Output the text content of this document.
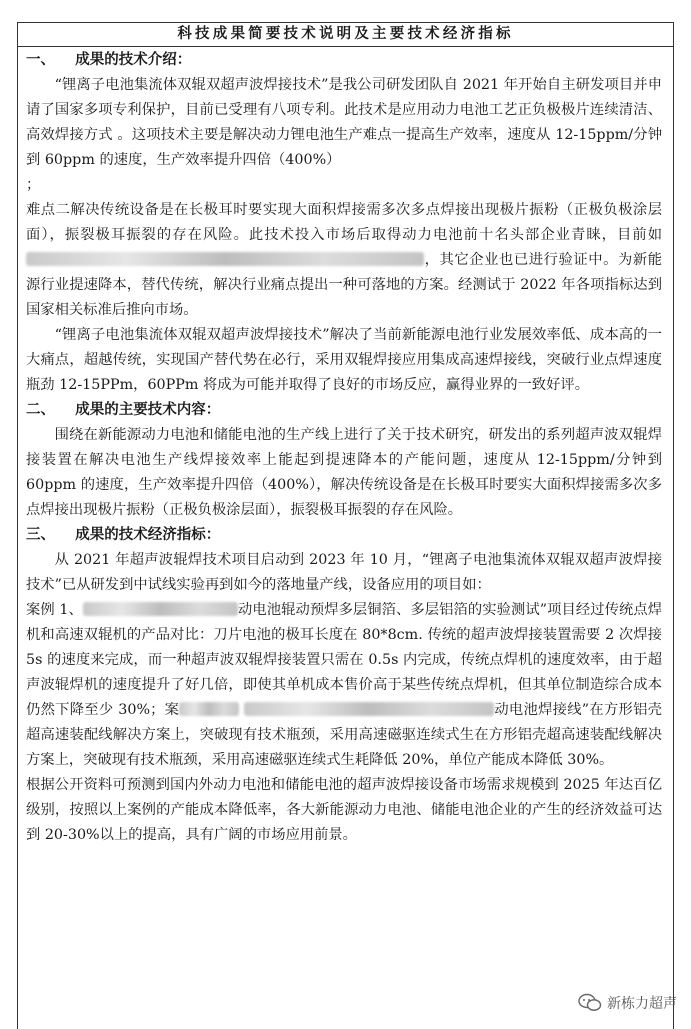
科技成果简要技术说明及主要技术经济指标
一、    成果的技术介绍：

“锂离子电池集流体双辊双超声波焊接技术”是我公司研发团队自 2021 年开始自主研发项目并申请了国家多项专利保护，目前已受理有八项专利。此技术是应用动力电池工艺正负极极片连续清洁、高效焊接方式 。这项技术主要是解决动力锂电池生产难点一提高生产效率，速度从 12-15ppm/分钟到 60ppm 的速度，生产效率提升四倍（400%）

；

难点二解决传统设备是在长极耳时要实现大面积焊接需多次多点焊接出现极片振粉（正极负极涂层面），振裂极耳振裂的存在风险。此技术投入市场后取得动力电池前十名头部企业青睐，目前如，其它企业也已进行验证中。为新能源行业提速降本，替代传统，解决行业痛点提出一种可落地的方案。经测试于 2022 年各项指标达到国家相关标准后推向市场。

“锂离子电池集流体双辊双超声波焊接技术”解决了当前新能源电池行业发展效率低、成本高的一大痛点，超越传统，实现国产替代势在必行，采用双辊焊接应用集成高速焊接线，突破行业点焊速度瓶劲 12-15PPm，60PPm 将成为可能并取得了良好的市场反应，赢得业界的一致好评。

二、    成果的主要技术内容：

围绕在新能源动力电池和储能电池的生产线上进行了关于技术研究，研发出的系列超声波双辊焊接装置在解决电池生产线焊接效率上能起到提速降本的产能问题，速度从 12-15ppm/分钟到 60ppm 的速度，生产效率提升四倍（400%），解决传统设备是在长极耳时要实大面积焊接需多次多点焊接出现极片振粉（正极负极涂层面），振裂极耳振裂的存在风险。

三、    成果的技术经济指标：

从 2021 年超声波辊焊技术项目启动到 2023 年 10 月，“锂离子电池集流体双辊双超声波焊接技术”已从研发到中试线实验再到如今的落地量产线，设备应用的项目如：

案例 1、	动电池辊动预焊多层铜箔、多层铝箔的实验测试”项目经过传统点焊机和高速双辊机的产品对比：刀片电池的极耳长度在 80*8cm. 传统的超声波焊接装置需要 2 次焊接 5s 的速度来完成，而一种超声波双辊焊接装置只需在 0.5s 内完成，传统点焊机的速度效率，由于超声波辊焊机的速度提升了好几倍，即使其单机成本售价高于某些传统点焊机，但其单位制造综合成本仍然下降至少 30%；案	动电池焊接线”在方形铝壳超高速装配线解决方案上，突破现有技术瓶颈，采用高速磁驱连续式生在方形铝壳超高速装配线解决方案上，突破现有技术瓶颈，采用高速磁驱连续式生耗降低 20%，单位产能成本降低 30%。

根据公开资料可预测到国内外动力电池和储能电池的超声波焊接设备市场需求规模到 2025 年达百亿级别，按照以上案例的产能成本降低率，各大新能源动力电池、储能电池企业的产生的经济效益可达到 20-30%以上的提高，具有广阔的市场应用前景。

新栋力超声
